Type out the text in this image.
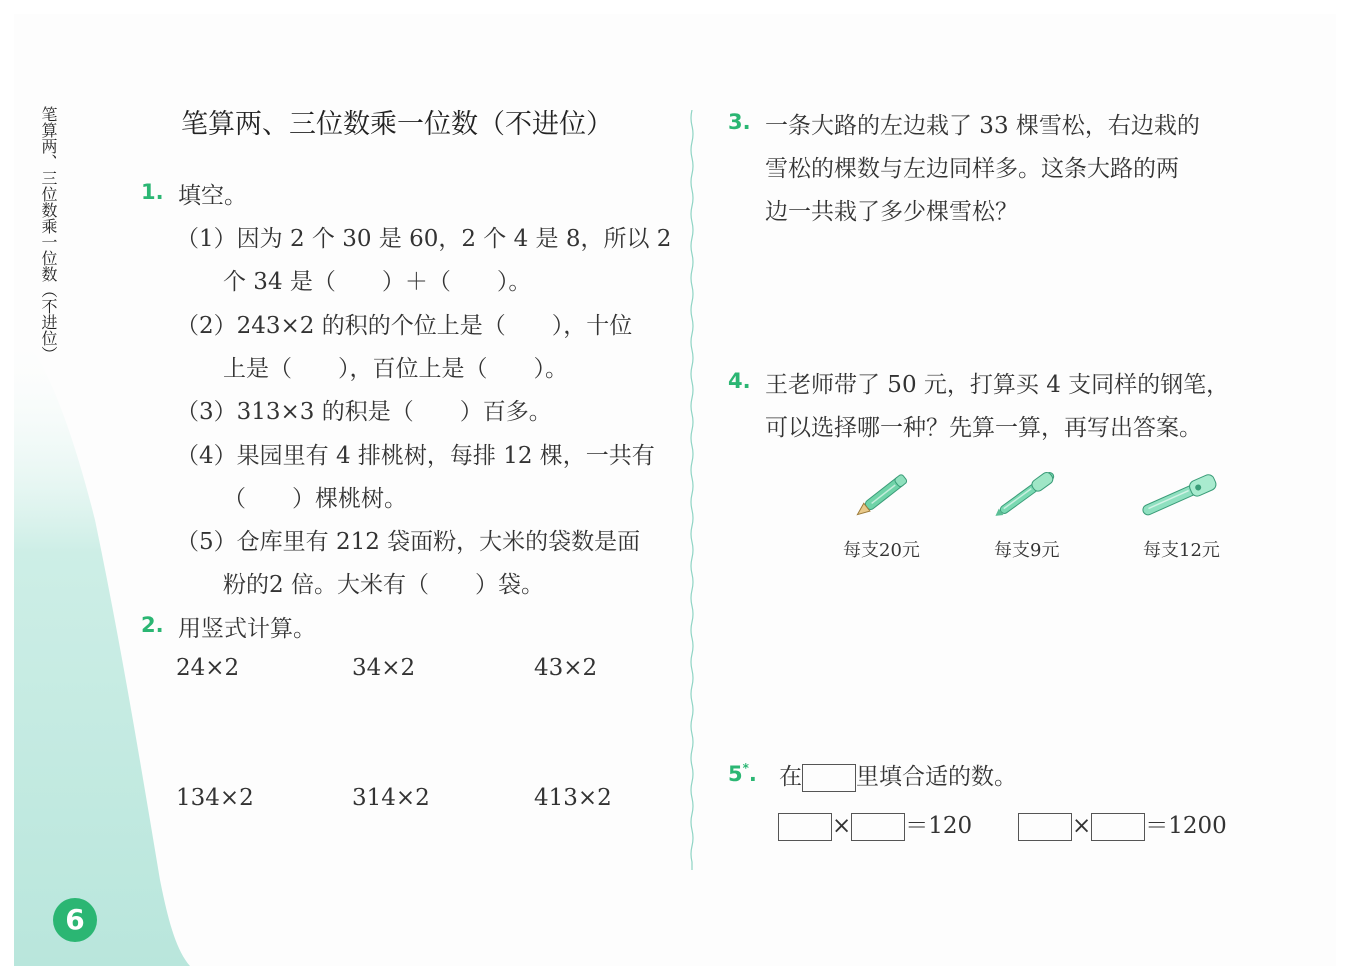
笔算两、三位数乘一位数（不进位）
6
笔算两、三位数乘一位数（不进位）
1. 填空。
（1）因为 2 个 30 是 60，2 个 4 是 8，所以 2
个 34 是（　　）＋（　　）。
（2）243×2 的积的个位上是（　　），十位
上是（　　），百位上是（　　）。
（3）313×3 的积是（　　）百多。
（4）果园里有 4 排桃树，每排 12 棵，一共有
（　　）棵桃树。
（5）仓库里有 212 袋面粉，大米的袋数是面
粉的2 倍。大米有（　　）袋。
2. 用竖式计算。
24×2	34×2	43×2
134×2	314×2	413×2
3. 一条大路的左边栽了 33 棵雪松，右边栽的
雪松的棵数与左边同样多。这条大路的两
边一共栽了多少棵雪松？
4. 王老师带了 50 元，打算买 4 支同样的钢笔，
可以选择哪一种？先算一算，再写出答案。
每支20元	每支9元	每支12元
5*. 在 里填合适的数。
× ＝120	× ＝1200
